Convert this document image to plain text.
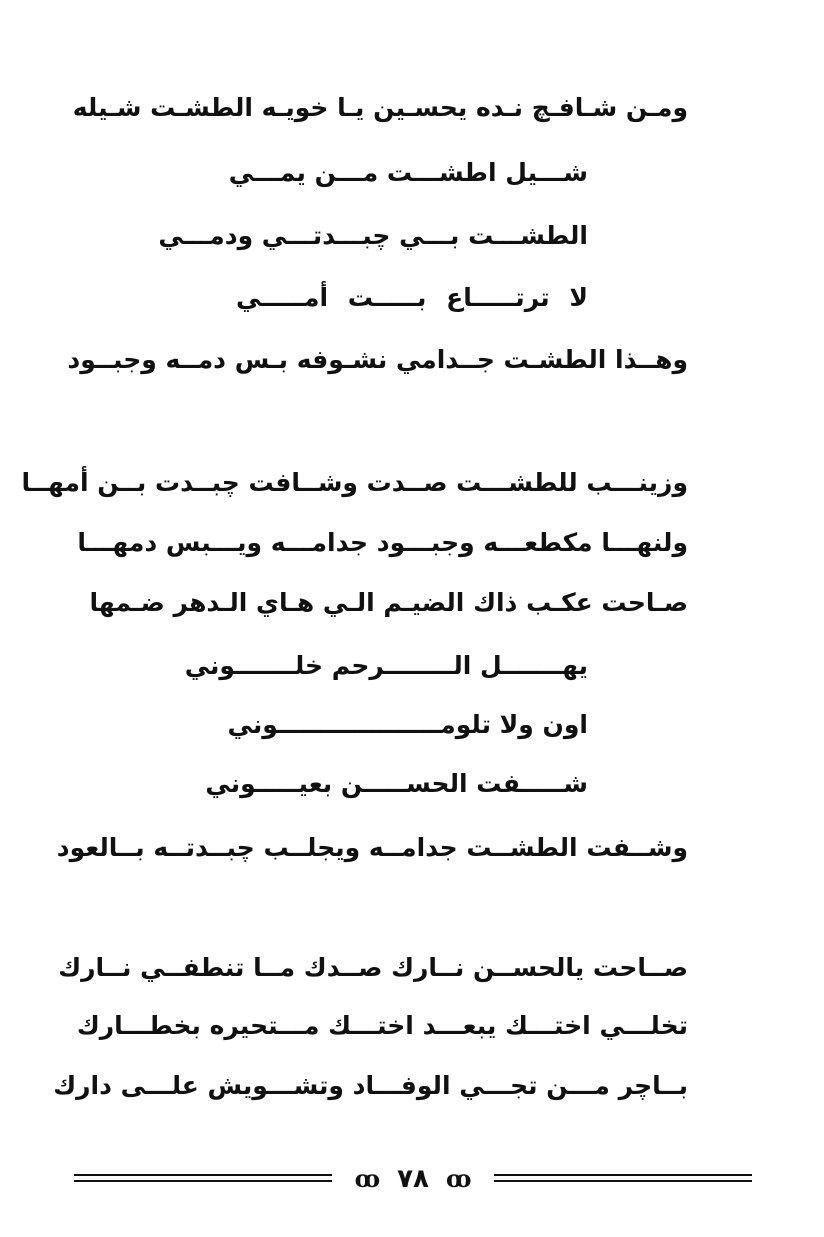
ومـن شـافـچ نـده يحسـين يـا خويـه الطشـت شـيله
شـــيل اطشـــت مـــن يمـــي
الطشـــت بـــي چبـــدتـــي ودمـــي
لا ترتـــــاع بـــــت أمـــــي
وهــذا الطشـت جــدامي نشـوفه بـس دمــه وجبــود
وزينـــب للطشـــت صــدت وشــافت چبــدت بــن أمهــا
ولنهـــا مكطعـــه وجبـــود جدامـــه ويـــبس دمهـــا
صـاحت عكـب ذاك الضيـم الـي هـاي الـدهر ضـمها
يهـــــــل الــــــــرحم خلـــــــوني
اون ولا تلومـــــــــــــــــــوني
شـــــفت الحســـــن بعيـــــوني
وشــفت الطشــت جدامــه ويجلــب چبــدتــه بــالعود
صــاحت يالحســن نــارك صــدك مــا تنطفــي نــارك
تخلـــي اختـــك يبعـــد اختـــك مـــتحيره بخطـــارك
بــاچر مـــن تجـــي الوفـــاد وتشـــويش علـــى دارك
ꝏ ٧٨ ꝏ
